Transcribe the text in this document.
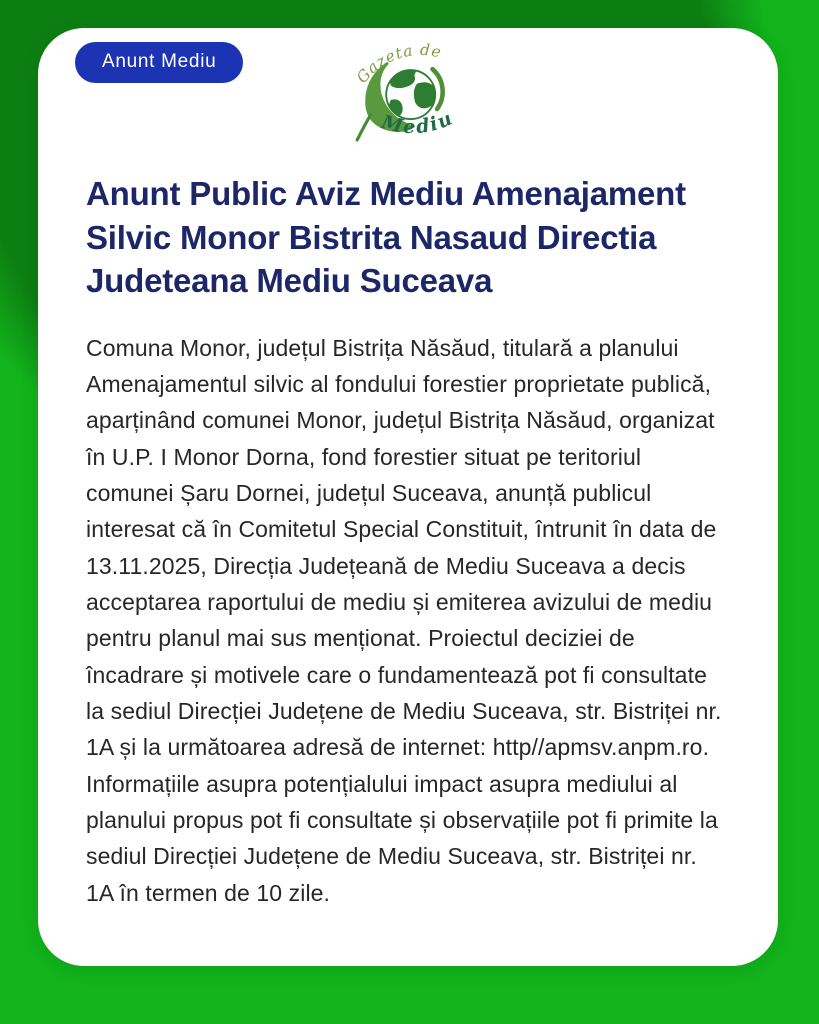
Anunt Mediu
Gazeta de
Mediu
Anunt Public Aviz Mediu Amenajament Silvic Monor Bistrita Nasaud Directia Judeteana Mediu Suceava

Comuna Monor, județul Bistrița Năsăud, titulară a planului Amenajamentul silvic al fondului forestier proprietate publică, aparținând comunei Monor, județul Bistrița Năsăud, organizat în U.P. I Monor Dorna, fond forestier situat pe teritoriul comunei Șaru Dornei, județul Suceava, anunță publicul interesat că în Comitetul Special Constituit, întrunit în data de 13.11.2025, Direcția Județeană de Mediu Suceava a decis acceptarea raportului de mediu și emiterea avizului de mediu pentru planul mai sus menționat. Proiectul deciziei de încadrare și motivele care o fundamentează pot fi consultate la sediul Direcției Județene de Mediu Suceava, str. Bistriței nr. 1A și la următoarea adresă de internet: http//apmsv.anpm.ro. Informațiile asupra potențialului impact asupra mediului al planului propus pot fi consultate și observațiile pot fi primite la sediul Direcției Județene de Mediu Suceava, str. Bistriței nr. 1A în termen de 10 zile.
